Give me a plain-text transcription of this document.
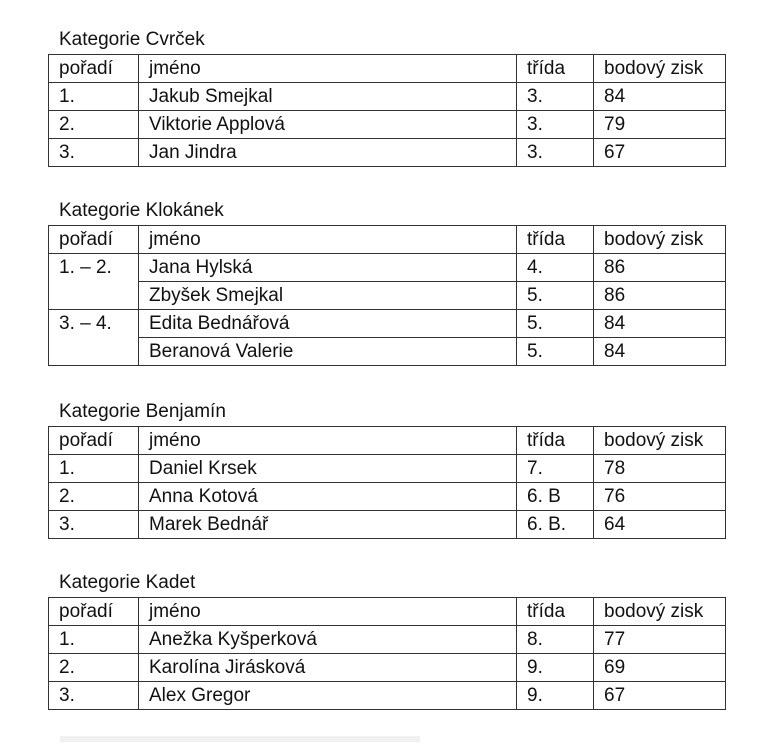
Kategorie Cvrček
pořadí	jméno	třída	bodový zisk
1.	Jakub Smejkal	3.	84
2.	Viktorie Applová	3.	79
3.	Jan Jindra	3.	67
Kategorie Klokánek
pořadí	jméno	třída	bodový zisk
1. – 2.	Jana Hylská	4.	86
	Zbyšek Smejkal	5.	86
3. – 4.	Edita Bednářová	5.	84
	Beranová Valerie	5.	84
Kategorie Benjamín
pořadí	jméno	třída	bodový zisk
1.	Daniel Krsek	7.	78
2.	Anna Kotová	6. B	76
3.	Marek Bednář	6. B.	64
Kategorie Kadet
pořadí	jméno	třída	bodový zisk
1.	Anežka Kyšperková	8.	77
2.	Karolína Jirásková	9.	69
3.	Alex Gregor	9.	67
